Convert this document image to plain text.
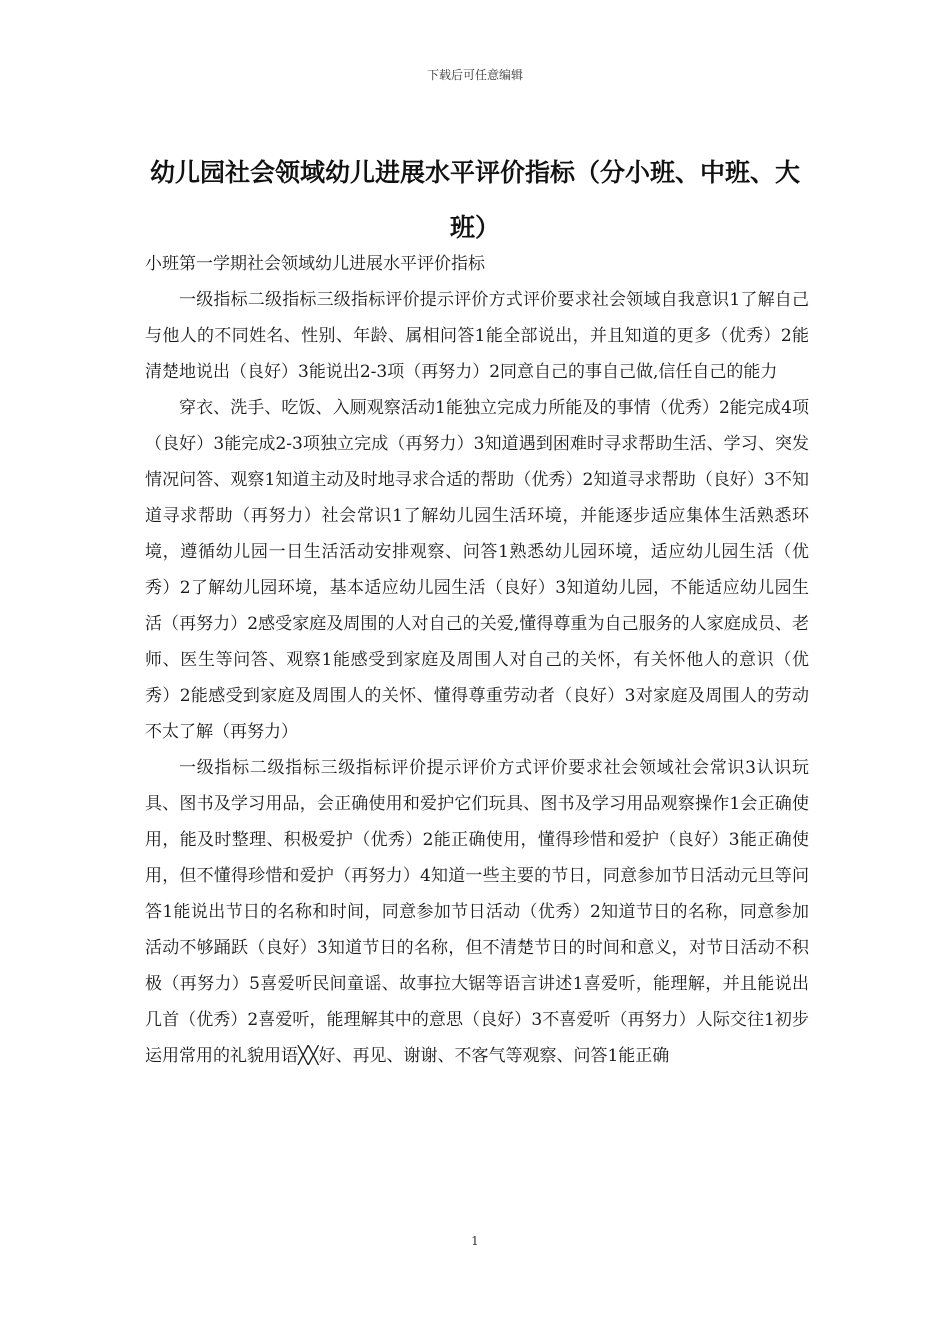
下载后可任意编辑
幼儿园社会领域幼儿进展水平评价指标（分小班、中班、大班）

小班第一学期社会领域幼儿进展水平评价指标

一级指标二级指标三级指标评价提示评价方式评价要求社会领域自我意识1了解自己与他人的不同姓名、性别、年龄、属相问答1能全部说出，并且知道的更多（优秀）2能清楚地说出（良好）3能说出2-3项（再努力）2同意自己的事自己做,信任自己的能力

穿衣、洗手、吃饭、入厕观察活动1能独立完成力所能及的事情（优秀）2能完成4项（良好）3能完成2-3项独立完成（再努力）3知道遇到困难时寻求帮助生活、学习、突发情况问答、观察1知道主动及时地寻求合适的帮助（优秀）2知道寻求帮助（良好）3不知道寻求帮助（再努力）社会常识1了解幼儿园生活环境，并能逐步适应集体生活熟悉环境，遵循幼儿园一日生活活动安排观察、问答1熟悉幼儿园环境，适应幼儿园生活（优秀）2了解幼儿园环境，基本适应幼儿园生活（良好）3知道幼儿园，不能适应幼儿园生活（再努力）2感受家庭及周围的人对自己的关爱,懂得尊重为自己服务的人家庭成员、老师、医生等问答、观察1能感受到家庭及周围人对自己的关怀，有关怀他人的意识（优秀）2能感受到家庭及周围人的关怀、懂得尊重劳动者（良好）3对家庭及周围人的劳动不太了解（再努力）

一级指标二级指标三级指标评价提示评价方式评价要求社会领域社会常识3认识玩具、图书及学习用品，会正确使用和爱护它们玩具、图书及学习用品观察操作1会正确使用，能及时整理、积极爱护（优秀）2能正确使用，懂得珍惜和爱护（良好）3能正确使用，但不懂得珍惜和爱护（再努力）4知道一些主要的节日，同意参加节日活动元旦等问答1能说出节日的名称和时间，同意参加节日活动（优秀）2知道节日的名称，同意参加活动不够踊跃（良好）3知道节日的名称，但不清楚节日的时间和意义，对节日活动不积极（再努力）5喜爱听民间童谣、故事拉大锯等语言讲述1喜爱听，能理解，并且能说出几首（优秀）2喜爱听，能理解其中的意思（良好）3不喜爱听（再努力）人际交往1初步运用常用的礼貌用语╳╳好、再见、谢谢、不客气等观察、问答1能正确

1
